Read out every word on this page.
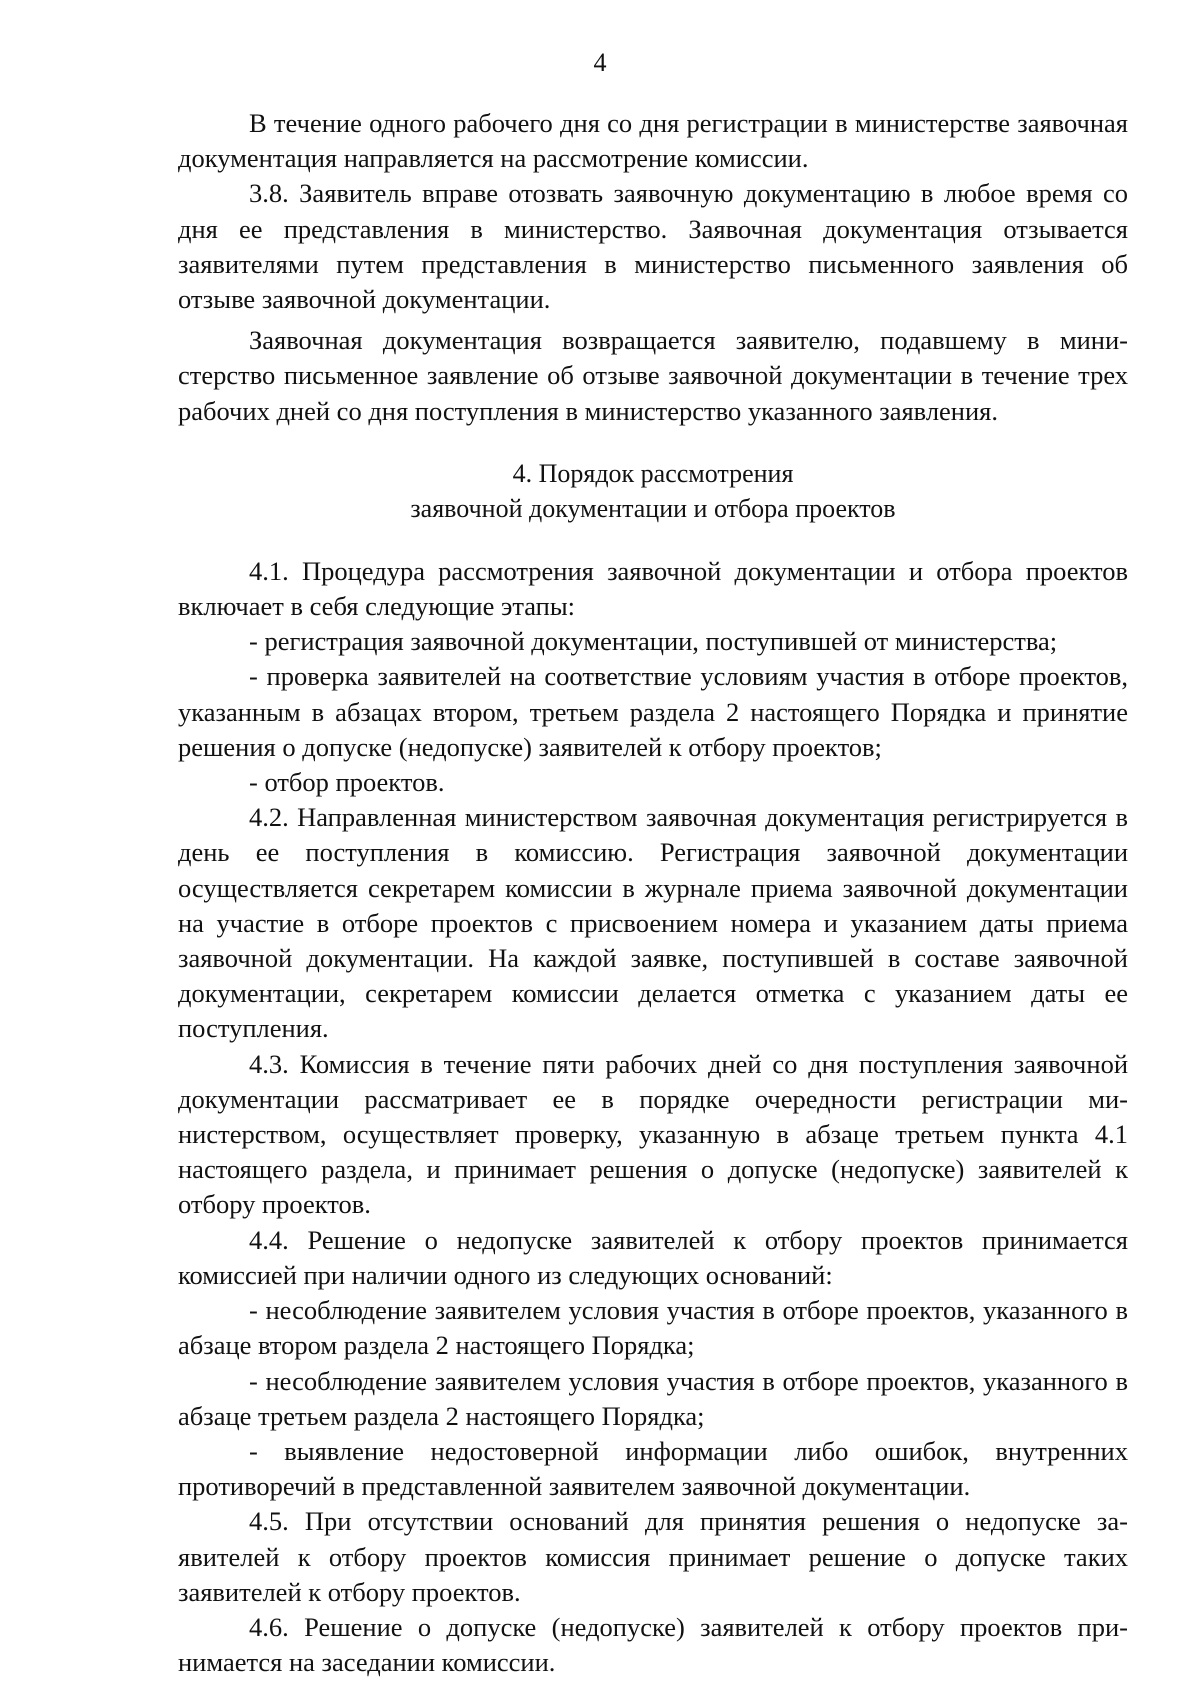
4

В течение одного рабочего дня со дня регистрации в министерстве заявочная документация направляется на рассмотрение комиссии.

3.8. Заявитель вправе отозвать заявочную документацию в любое время со дня ее представления в министерство. Заявочная документация отзывается заявителями путем представления в министерство письменного заявления об отзыве заявочной документации.

Заявочная документация возвращается заявителю, подавшему в министерство письменное заявление об отзыве заявочной документации в течение трех рабочих дней со дня поступления в министерство указанного заявления.

4. Порядок рассмотрения
заявочной документации и отбора проектов

4.1. Процедура рассмотрения заявочной документации и отбора проектов включает в себя следующие этапы:

- регистрация заявочной документации, поступившей от министерства;

- проверка заявителей на соответствие условиям участия в отборе проектов, указанным в абзацах втором, третьем раздела 2 настоящего Порядка и принятие решения о допуске (недопуске) заявителей к отбору проектов;

- отбор проектов.

4.2. Направленная министерством заявочная документация регистрируется в день ее поступления в комиссию. Регистрация заявочной документации осуществляется секретарем комиссии в журнале приема заявочной документации на участие в отборе проектов с присвоением номера и указанием даты приема заявочной документации. На каждой заявке, поступившей в составе заявочной документации, секретарем комиссии делается отметка с указанием даты ее поступления.

4.3. Комиссия в течение пяти рабочих дней со дня поступления заявочной документации рассматривает ее в порядке очередности регистрации министерством, осуществляет проверку, указанную в абзаце третьем пункта 4.1 настоящего раздела, и принимает решения о допуске (недопуске) заявителей к отбору проектов.

4.4. Решение о недопуске заявителей к отбору проектов принимается комиссией при наличии одного из следующих оснований:

- несоблюдение заявителем условия участия в отборе проектов, указанного в абзаце втором раздела 2 настоящего Порядка;

- несоблюдение заявителем условия участия в отборе проектов, указанного в абзаце третьем раздела 2 настоящего Порядка;

- выявление недостоверной информации либо ошибок, внутренних противоречий в представленной заявителем заявочной документации.

4.5. При отсутствии оснований для принятия решения о недопуске заявителей к отбору проектов комиссия принимает решение о допуске таких заявителей к отбору проектов.

4.6. Решение о допуске (недопуске) заявителей к отбору проектов принимается на заседании комиссии.
